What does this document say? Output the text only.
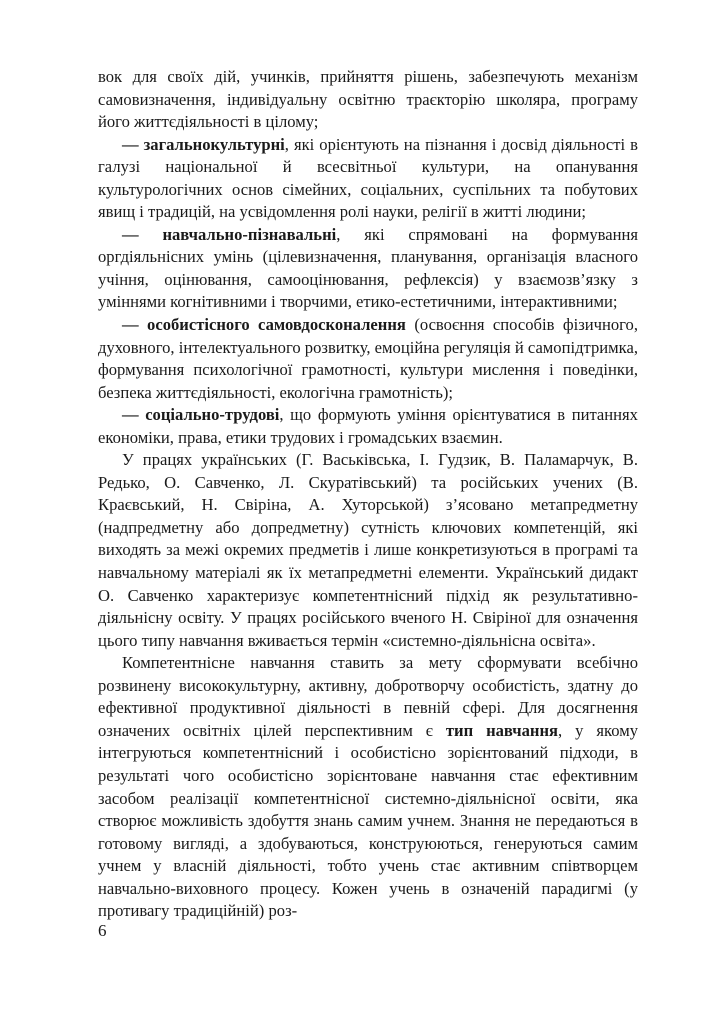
вок для своїх дій, учинків, прийняття рішень, забезпечують механізм самовизначення, індивідуальну освітню траєкторію школяра, програму його життєдіяльності в цілому;

— загальнокультурні, які орієнтують на пізнання і досвід діяльності в галузі національної й всесвітньої культури, на опанування культурологічних основ сімейних, соціальних, суспільних та побутових явищ і традицій, на усвідомлення ролі науки, релігії в житті людини;

— навчально-пізнавальні, які спрямовані на формування оргдіяльнісних умінь (цілевизначення, планування, організація власного учіння, оцінювання, самооцінювання, рефлексія) у взаємозв’язку з уміннями когнітивними і творчими, етико-естетичними, інтерактивними;

— особистісного самовдосконалення (освоєння способів фізичного, духовного, інтелектуального розвитку, емоційна регуляція й самопідтримка, формування психологічної грамотності, культури мислення і поведінки, безпека життєдіяльності, екологічна грамотність);

— соціально-трудові, що формують уміння орієнтуватися в питаннях економіки, права, етики трудових і громадських взаємин.

У працях українських (Г. Васьківська, І. Гудзик, В. Паламарчук, В. Редько, О. Савченко, Л. Скуратівський) та російських учених (В. Краєвський, Н. Свіріна, А. Хуторськой) з’ясовано метапредметну (надпредметну або допредметну) сутність ключових компетенцій, які виходять за межі окремих предметів і лише конкретизуються в програмі та навчальному матеріалі як їх метапредметні елементи. Український дидакт О. Савченко характеризує компетентнісний підхід як результативно-діяльнісну освіту. У працях російського вченого Н. Свіріної для означення цього типу навчання вживається термін «системно-діяльнісна освіта».

Компетентнісне навчання ставить за мету сформувати всебічно розвинену висококультурну, активну, добротворчу особистість, здатну до ефективної продуктивної діяльності в певній сфері. Для досягнення означених освітніх цілей перспективним є тип навчання, у якому інтегруються компетентнісний і особистісно зорієнтований підходи, в результаті чого особистісно зорієнтоване навчання стає ефективним засобом реалізації компетентнісної системно-діяльнісної освіти, яка створює можливість здобуття знань самим учнем. Знання не передаються в готовому вигляді, а здобуваються, конструюються, генеруються самим учнем у власній діяльності, тобто учень стає активним співтворцем навчально-виховного процесу. Кожен учень в означеній парадигмі (у противагу традиційній) роз-

6
